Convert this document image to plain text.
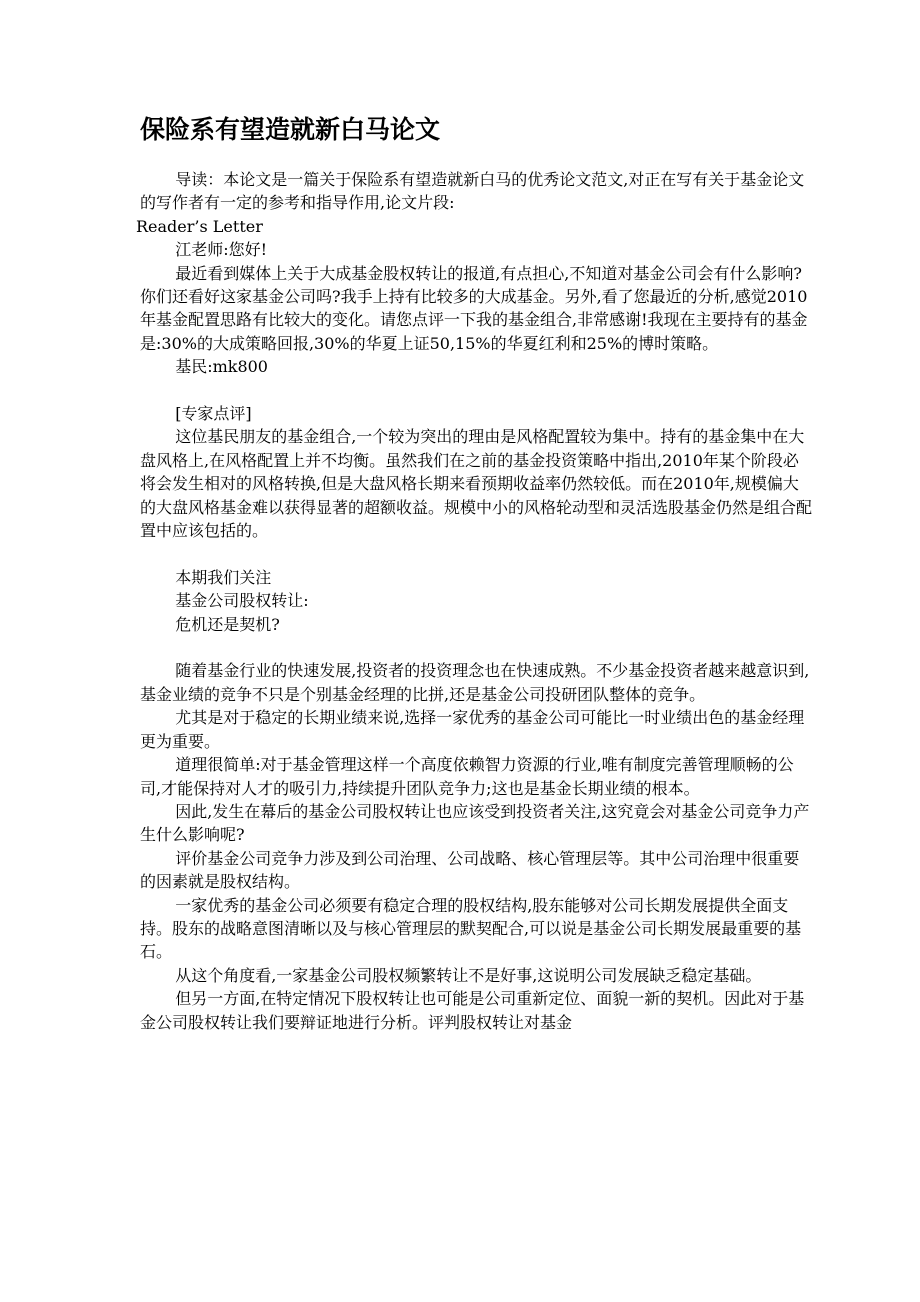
保险系有望造就新白马论文

导读：本论文是一篇关于保险系有望造就新白马的优秀论文范文,对正在写有关于基金论文的写作者有一定的参考和指导作用,论文片段:

Reader’s Letter

江老师:您好!

最近看到媒体上关于大成基金股权转让的报道,有点担心,不知道对基金公司会有什么影响?你们还看好这家基金公司吗?我手上持有比较多的大成基金。另外,看了您最近的分析,感觉2010年基金配置思路有比较大的变化。请您点评一下我的基金组合,非常感谢!我现在主要持有的基金是:30%的大成策略回报,30%的华夏上证50,15%的华夏红利和25%的博时策略。

基民:mk800

[专家点评]

这位基民朋友的基金组合,一个较为突出的理由是风格配置较为集中。持有的基金集中在大盘风格上,在风格配置上并不均衡。虽然我们在之前的基金投资策略中指出,2010年某个阶段必将会发生相对的风格转换,但是大盘风格长期来看预期收益率仍然较低。而在2010年,规模偏大的大盘风格基金难以获得显著的超额收益。规模中小的风格轮动型和灵活选股基金仍然是组合配置中应该包括的。

本期我们关注

基金公司股权转让:

危机还是契机?

随着基金行业的快速发展,投资者的投资理念也在快速成熟。不少基金投资者越来越意识到,基金业绩的竞争不只是个别基金经理的比拼,还是基金公司投研团队整体的竞争。

尤其是对于稳定的长期业绩来说,选择一家优秀的基金公司可能比一时业绩出色的基金经理更为重要。

道理很简单:对于基金管理这样一个高度依赖智力资源的行业,唯有制度完善管理顺畅的公司,才能保持对人才的吸引力,持续提升团队竞争力;这也是基金长期业绩的根本。

因此,发生在幕后的基金公司股权转让也应该受到投资者关注,这究竟会对基金公司竞争力产生什么影响呢?

评价基金公司竞争力涉及到公司治理、公司战略、核心管理层等。其中公司治理中很重要的因素就是股权结构。

一家优秀的基金公司必须要有稳定合理的股权结构,股东能够对公司长期发展提供全面支持。股东的战略意图清晰以及与核心管理层的默契配合,可以说是基金公司长期发展最重要的基石。

从这个角度看,一家基金公司股权频繁转让不是好事,这说明公司发展缺乏稳定基础。

但另一方面,在特定情况下股权转让也可能是公司重新定位、面貌一新的契机。因此对于基金公司股权转让我们要辩证地进行分析。评判股权转让对基金
